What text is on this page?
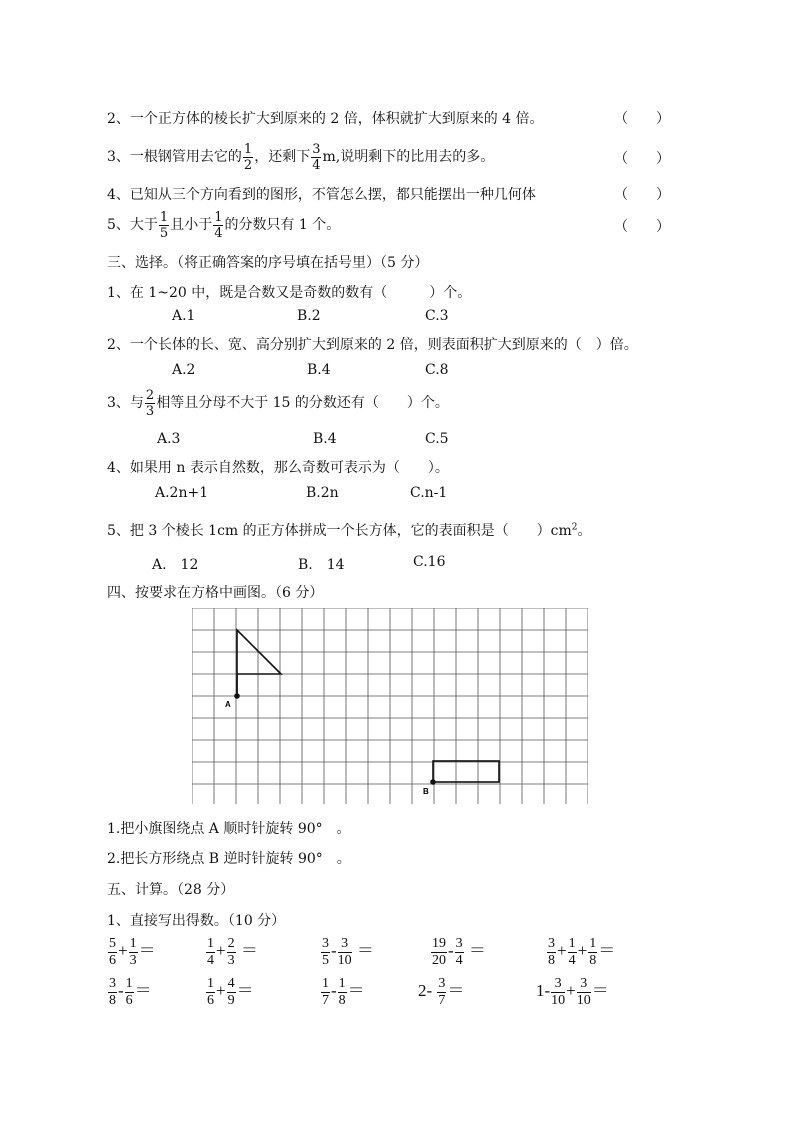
2、一个正方体的棱长扩大到原来的 2 倍，体积就扩大到原来的 4 倍。	（　　）
3、一根钢管用去它的 $\frac{1}{2}$ ，还剩下 $\frac{3}{4} m$,说明剩下的比用去的多。	（　　）
4、已知从三个方向看到的图形，不管怎么摆，都只能摆出一种几何体	（　　）
5、大于 $\frac{1}{5}$ 且小于 $\frac{1}{4}$ 的分数只有 1 个。	（　　）
三、选择。（将正确答案的序号填在括号里）（5 分）
1、在 1~20 中，既是合数又是奇数的数有（　　　）个。
A.1	B.2	C.3
2、一个长体的长、宽、高分别扩大到原来的 2 倍，则表面积扩大到原来的（　）倍。
A.2	B.4	C.8
3、与 $\frac{2}{3}$ 相等且分母不大于 15 的分数还有（　　）个。
A.3	B.4	C.5
4、如果用 n 表示自然数，那么奇数可表示为（　　）。
A.2n+1	B.2n	C.n-1
5、把 3 个棱长 1cm 的正方体拼成一个长方体，它的表面积是（　　）$cm^2$。
A.　12	B.　14	C.16
四、按要求在方格中画图。（6 分）
A
B
1.把小旗图绕点 A 顺时针旋转 90°　。
2.把长方形绕点 B 逆时针旋转 90°　。
五、计算。（28 分）
1、直接写出得数。（10 分）
$\frac{5}{6} + \frac{1}{3}$ ＝	$\frac{1}{4} + \frac{2}{3}$ ＝	$\frac{3}{5} - \frac{3}{10}$ ＝	$\frac{19}{20} - \frac{3}{4}$ ＝	$\frac{3}{8} + \frac{1}{4} + \frac{1}{8}$ ＝
$\frac{3}{8} - \frac{1}{6}$ ＝	$\frac{1}{6} + \frac{4}{9}$ ＝	$\frac{1}{7} - \frac{1}{8}$ ＝	$2- \frac{3}{7}$ ＝	$1- \frac{3}{10} + \frac{3}{10}$ ＝
